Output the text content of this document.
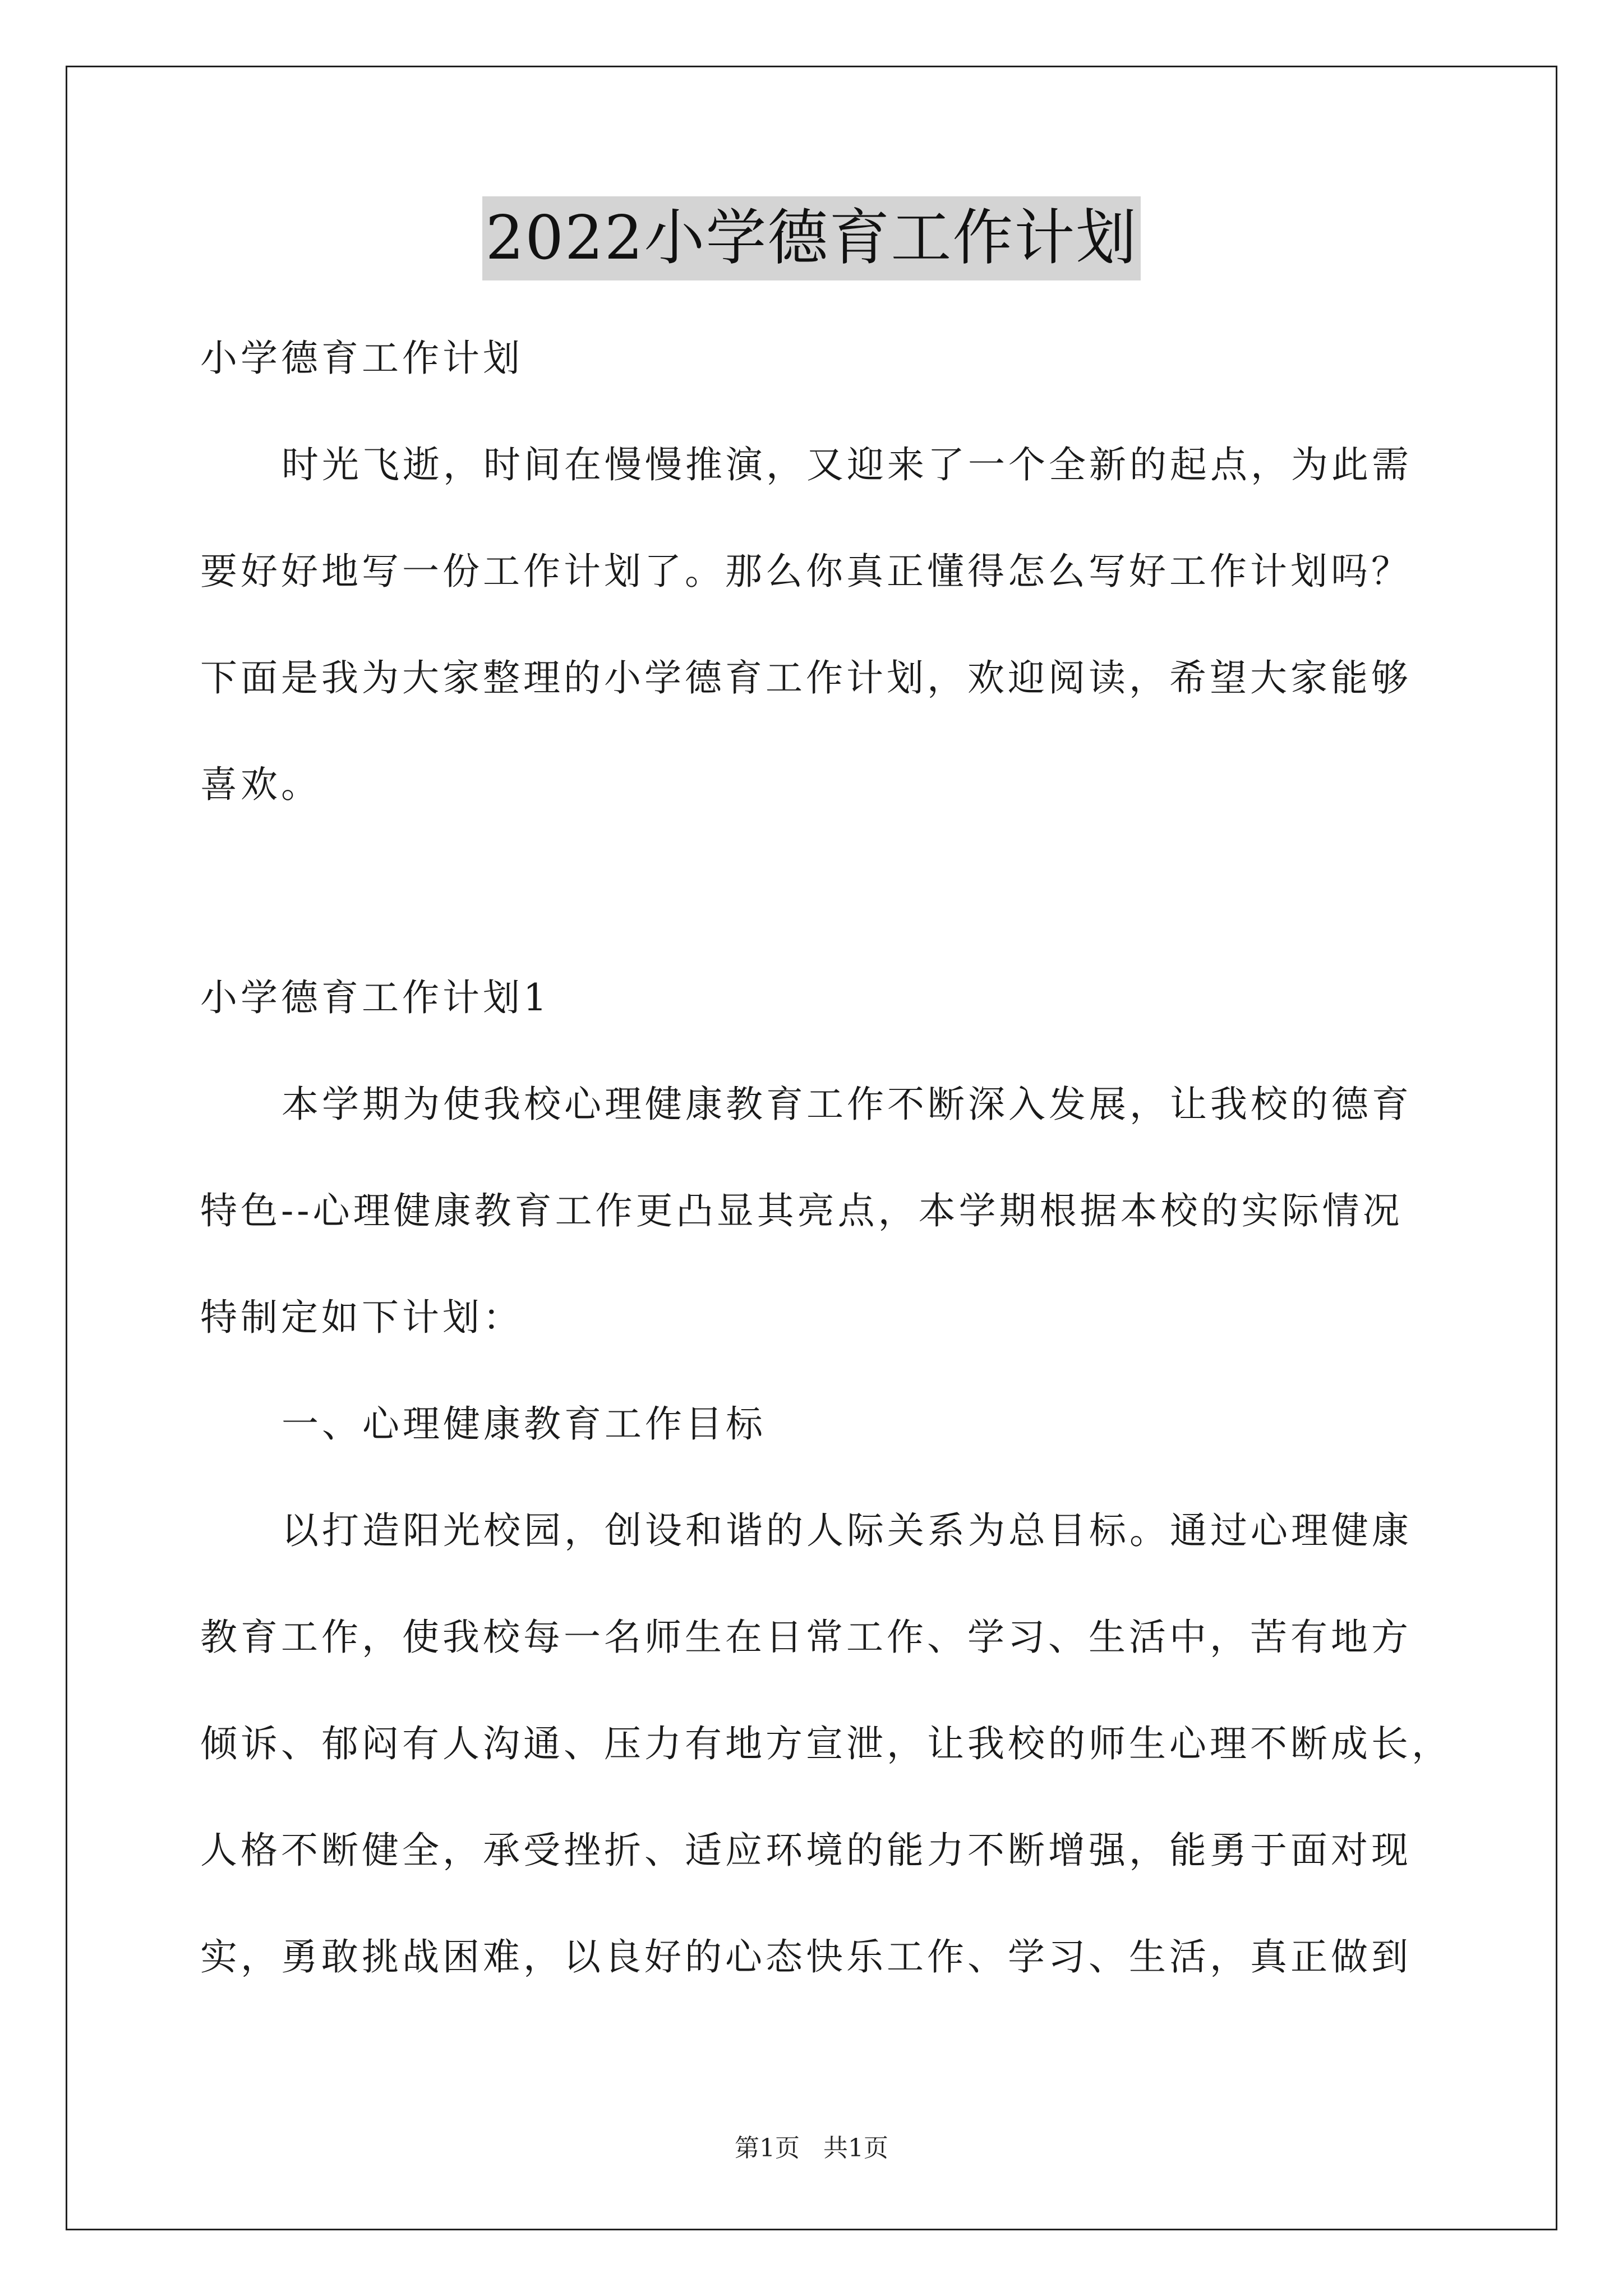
2022小学德育工作计划

小学德育工作计划

时光飞逝，时间在慢慢推演，又迎来了一个全新的起点，为此需

要好好地写一份工作计划了。那么你真正懂得怎么写好工作计划吗？

下面是我为大家整理的小学德育工作计划，欢迎阅读，希望大家能够

喜欢。

小学德育工作计划1

本学期为使我校心理健康教育工作不断深入发展，让我校的德育

特色--心理健康教育工作更凸显其亮点，本学期根据本校的实际情况

特制定如下计划：

一、心理健康教育工作目标

以打造阳光校园，创设和谐的人际关系为总目标。通过心理健康

教育工作，使我校每一名师生在日常工作、学习、生活中，苦有地方

倾诉、郁闷有人沟通、压力有地方宣泄，让我校的师生心理不断成长，

人格不断健全，承受挫折、适应环境的能力不断增强，能勇于面对现

实，勇敢挑战困难，以良好的心态快乐工作、学习、生活，真正做到

第1页 共1页
